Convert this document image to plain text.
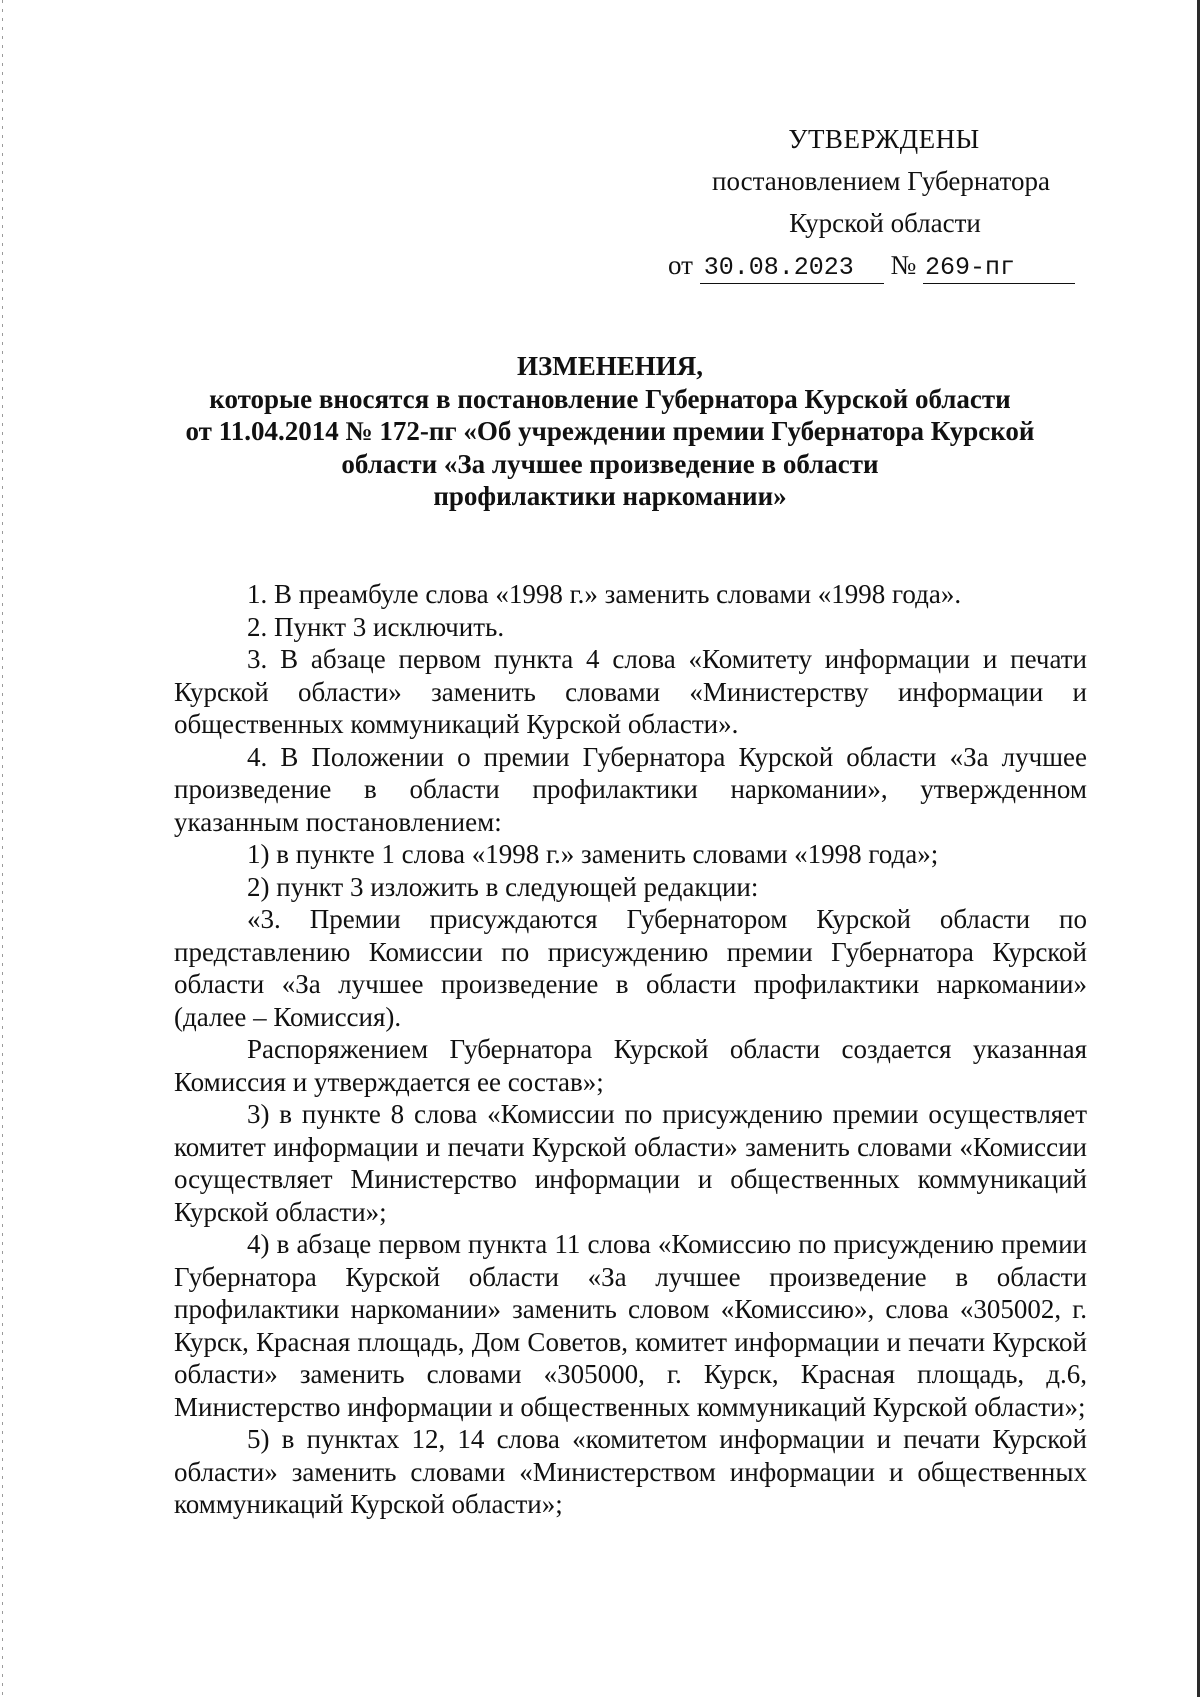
УТВЕРЖДЕНЫ
постановлением Губернатора
Курской области
от 30.08.2023 № 269-пг
ИЗМЕНЕНИЯ,
которые вносятся в постановление Губернатора Курской области
от 11.04.2014 № 172-пг «Об учреждении премии Губернатора Курской
области «За лучшее произведение в области
профилактики наркомании»

1. В преамбуле слова «1998 г.» заменить словами «1998 года».

2. Пункт 3 исключить.

3. В абзаце первом пункта 4 слова «Комитету информации и печати Курской области» заменить словами «Министерству информации и общественных коммуникаций Курской области».

4. В Положении о премии Губернатора Курской области «За лучшее произведение в области профилактики наркомании», утвержденном указанным постановлением:

1) в пункте 1 слова «1998 г.» заменить словами «1998 года»;

2) пункт 3 изложить в следующей редакции:

«3. Премии присуждаются Губернатором Курской области по представлению Комиссии по присуждению премии Губернатора Курской области «За лучшее произведение в области профилактики наркомании» (далее – Комиссия).

Распоряжением Губернатора Курской области создается указанная Комиссия и утверждается ее состав»;

3) в пункте 8 слова «Комиссии по присуждению премии осуществляет комитет информации и печати Курской области» заменить словами «Комиссии осуществляет Министерство информации и общественных коммуникаций Курской области»;

4) в абзаце первом пункта 11 слова «Комиссию по присуждению премии Губернатора Курской области «За лучшее произведение в области профилактики наркомании» заменить словом «Комиссию», слова «305002, г. Курск, Красная площадь, Дом Советов, комитет информации и печати Курской области» заменить словами «305000, г. Курск, Красная площадь, д.6, Министерство информации и общественных коммуникаций Курской области»;

5) в пунктах 12, 14 слова «комитетом информации и печати Курской области» заменить словами «Министерством информации и общественных коммуникаций Курской области»;
